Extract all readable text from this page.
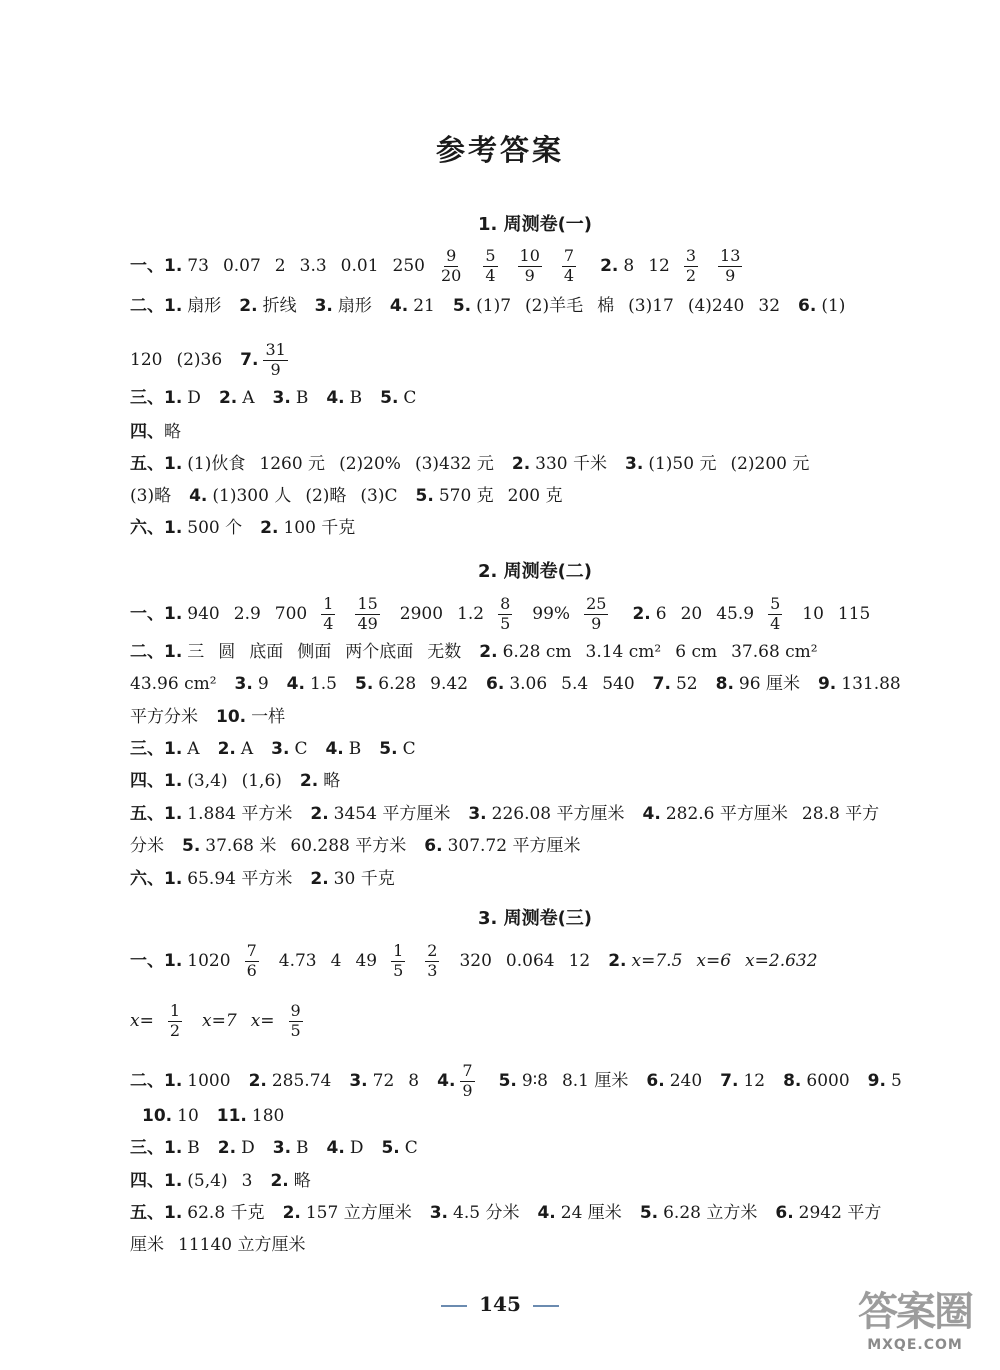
参考答案
1. 周测卷(一)
一、1. 73 0.07 2 3.3 0.01 $250 \frac{9}{20} \frac{5}{4} \frac{10}{9} \frac{7}{4} 2$. 8 $12 \frac{3}{2} \frac{13}{9}$
二、1. 扇形 2. 折线 3. 扇形 4. 21 5. (1)7 (2)羊毛 棉 (3)17 (4)240 32 6. (1)
120 (2)36 7. $\frac{31}{9}$
三、1. D 2. A 3. B 4. B 5. C
四、略
五、1. (1)伙食 1260 元 (2)20% (3)432 元 2. 330 千米 3. (1)50 元 (2)200 元
(3)略 4. (1)300 人 (2)略 (3)C 5. 570 克 200 克
六、1. 500 个 2. 100 千克
2. 周测卷(二)
一、1. 940 2.9 $700 \frac{1}{4} \frac{15}{49} 2900$ $1.2 \frac{8}{5} 99\% \frac{25}{9} 2$. 6 20 $45.9 \frac{5}{4} 10$ 115
二、1. 三 圆 底面 侧面 两个底面 无数 2. 6.28 cm 3.14 cm² 6 cm 37.68 cm²
43.96 cm² 3. 9 4. 1.5 5. 6.28 9.42 6. 3.06 5.4 540 7. 52 8. 96 厘米 9. 131.88
平方分米 10. 一样
三、1. A 2. A 3. C 4. B 5. C
四、1. (3,4) (1,6) 2. 略
五、1. 1.884 平方米 2. 3454 平方厘米 3. 226.08 平方厘米 4. 282.6 平方厘米 28.8 平方
分米 5. 37.68 米 60.288 平方米 6. 307.72 平方厘米
六、1. 65.94 平方米 2. 30 千克
3. 周测卷(三)
一、1. $1020 \frac{7}{6} 4.73$ 4 $49 \frac{1}{5} \frac{2}{3} 320$ 0.064 12 2. x=7.5 x=6 x=2.632
$x= \frac{1}{2} x=7$ $x= \frac{9}{5}$
二、1. 1000 2. 285.74 3. 72 8 4. $\frac{7}{9} 5$. 9∶8 8.1 厘米 6. 240 7. 12 8. 6000 9. 5
10. 10 11. 180
三、1. B 2. D 3. B 4. D 5. C
四、1. (5,4) 3 2. 略
五、1. 62.8 千克 2. 157 立方厘米 3. 4.5 分米 4. 24 厘米 5. 6.28 立方米 6. 2942 平方
厘米 11140 立方厘米
145	答案圈
MXQE.COM
